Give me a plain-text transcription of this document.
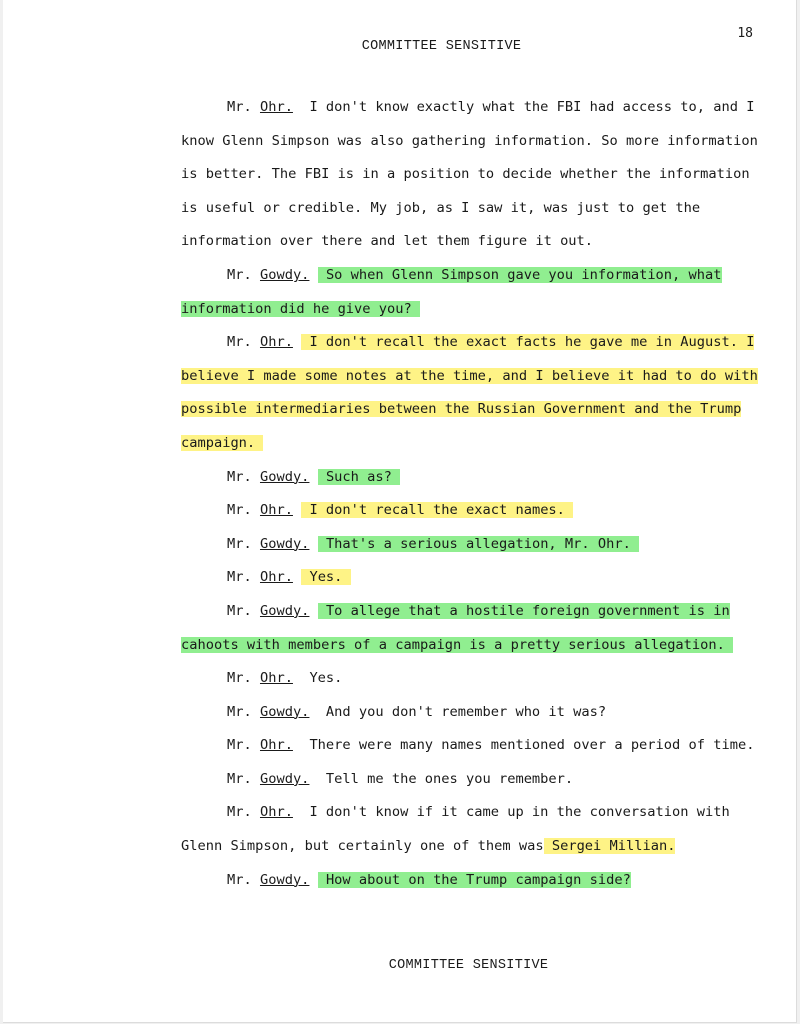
18
COMMITTEE SENSITIVE

Mr. Ohr. I don't know exactly what the FBI had access to, and I know Glenn Simpson was also gathering information. So more information is better. The FBI is in a position to decide whether the information is useful or credible. My job, as I saw it, was just to get the information over there and let them figure it out.

Mr. Gowdy. So when Glenn Simpson gave you information, what information did he give you?

Mr. Ohr. I don't recall the exact facts he gave me in August. I believe I made some notes at the time, and I believe it had to do with possible intermediaries between the Russian Government and the Trump campaign.

Mr. Gowdy. Such as?

Mr. Ohr. I don't recall the exact names.

Mr. Gowdy. That's a serious allegation, Mr. Ohr.

Mr. Ohr. Yes.

Mr. Gowdy. To allege that a hostile foreign government is in cahoots with members of a campaign is a pretty serious allegation.

Mr. Ohr. Yes.

Mr. Gowdy. And you don't remember who it was?

Mr. Ohr. There were many names mentioned over a period of time.

Mr. Gowdy. Tell me the ones you remember.

Mr. Ohr. I don't know if it came up in the conversation with Glenn Simpson, but certainly one of them was Sergei Millian.

Mr. Gowdy. How about on the Trump campaign side?

COMMITTEE SENSITIVE
